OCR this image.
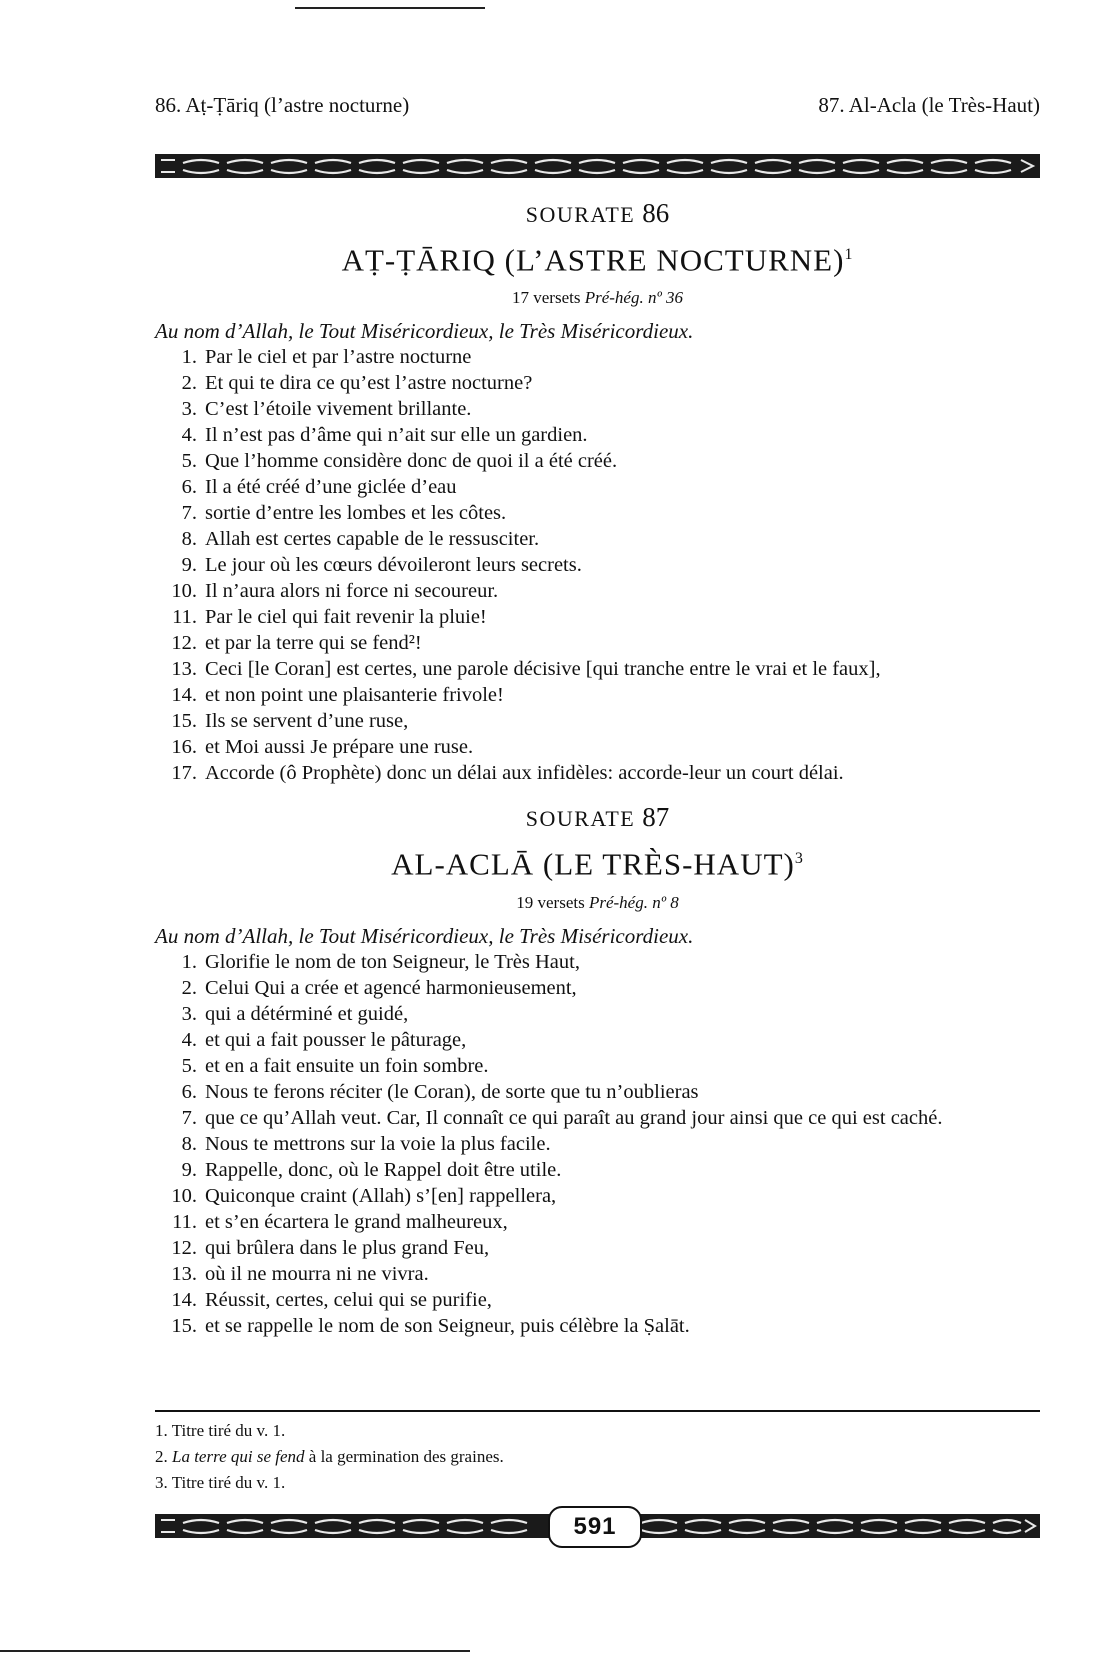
86. Aṭ-Ṭāriq (l’astre nocturne)	87. Al-Acla (le Très-Haut)
SOURATE 86
AṬ-ṬĀRIQ (L’ASTRE NOCTURNE)$^1$
17 versets Pré-hég. nº 36
Au nom d’Allah, le Tout Miséricordieux, le Très Miséricordieux.
1. Par le ciel et par l’astre nocturne
2. Et qui te dira ce qu’est l’astre nocturne?
3. C’est l’étoile vivement brillante.
4. Il n’est pas d’âme qui n’ait sur elle un gardien.
5. Que l’homme considère donc de quoi il a été créé.
6. Il a été créé d’une giclée d’eau
7. sortie d’entre les lombes et les côtes.
8. Allah est certes capable de le ressusciter.
9. Le jour où les cœurs dévoileront leurs secrets.
10. Il n’aura alors ni force ni secoureur.
11. Par le ciel qui fait revenir la pluie!
12. et par la terre qui se fend²!
13. Ceci [le Coran] est certes, une parole décisive [qui tranche entre le vrai et le faux],
14. et non point une plaisanterie frivole!
15. Ils se servent d’une ruse,
16. et Moi aussi Je prépare une ruse.
17. Accorde (ô Prophète) donc un délai aux infidèles: accorde-leur un court délai.
SOURATE 87
AL-ACLĀ (LE TRÈS-HAUT)$^3$
19 versets Pré-hég. nº 8
Au nom d’Allah, le Tout Miséricordieux, le Très Miséricordieux.
1. Glorifie le nom de ton Seigneur, le Très Haut,
2. Celui Qui a crée et agencé harmonieusement,
3. qui a détérminé et guidé,
4. et qui a fait pousser le pâturage,
5. et en a fait ensuite un foin sombre.
6. Nous te ferons réciter (le Coran), de sorte que tu n’oublieras
7. que ce qu’Allah veut. Car, Il connaît ce qui paraît au grand jour ainsi que ce qui est caché.
8. Nous te mettrons sur la voie la plus facile.
9. Rappelle, donc, où le Rappel doit être utile.
10. Quiconque craint (Allah) s’[en] rappellera,
11. et s’en écartera le grand malheureux,
12. qui brûlera dans le plus grand Feu,
13. où il ne mourra ni ne vivra.
14. Réussit, certes, celui qui se purifie,
15. et se rappelle le nom de son Seigneur, puis célèbre la Ṣalāt.
1. Titre tiré du v. 1.
2. La terre qui se fend à la germination des graines.
3. Titre tiré du v. 1.
591
